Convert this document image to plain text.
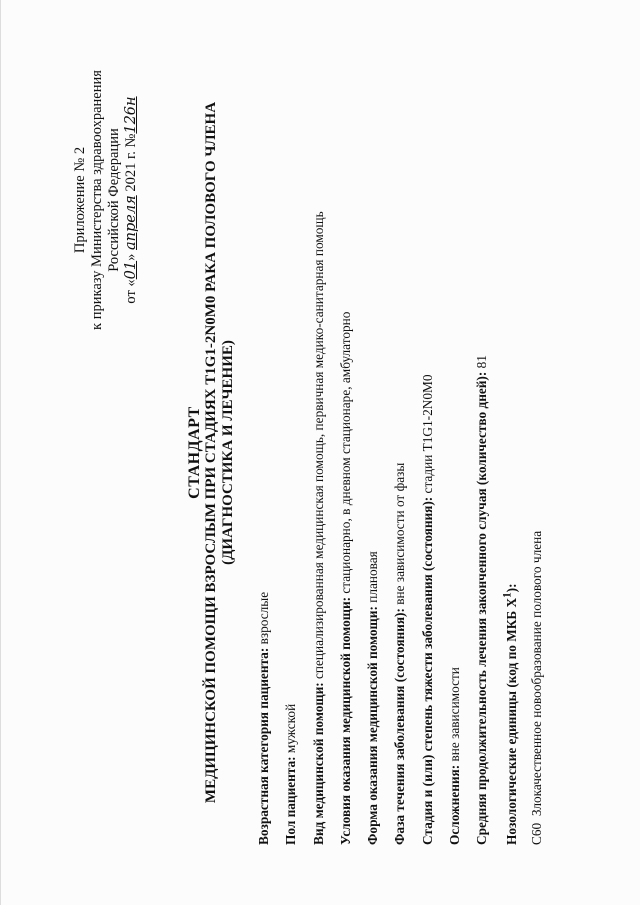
Приложение № 2 к приказу Министерства здравоохранения Российской Федерации
от «01» апреля 2021 г. №126н
СТАНДАРТ МЕДИЦИНСКОЙ ПОМОЩИ ВЗРОСЛЫМ ПРИ СТАДИЯХ T1G1-2N0M0 РАКА ПОЛОВОГО ЧЛЕНА (ДИАГНОСТИКА И ЛЕЧЕНИЕ)
Возрастная категория пациента: взрослые
Пол пациента: мужской Вид медицинской помощи: специализированная медицинская помощь, первичная медико-санитарная помощь
Условия оказания медицинской помощи: стационарно, в дневном стационаре, амбулаторно
Форма оказания медицинской помощи: плановая
Фаза течения заболевания (состояния): вне зависимости от фазы Стадия и (или) степень тяжести заболевания (состояния): стадии T1G1-2N0M0
Осложнения: вне зависимости Средняя продолжительность лечения законченного случая (количество дней): 81
Нозологические единицы (код по МКБ $X^1$):
C60  Злокачественное новообразование полового члена
